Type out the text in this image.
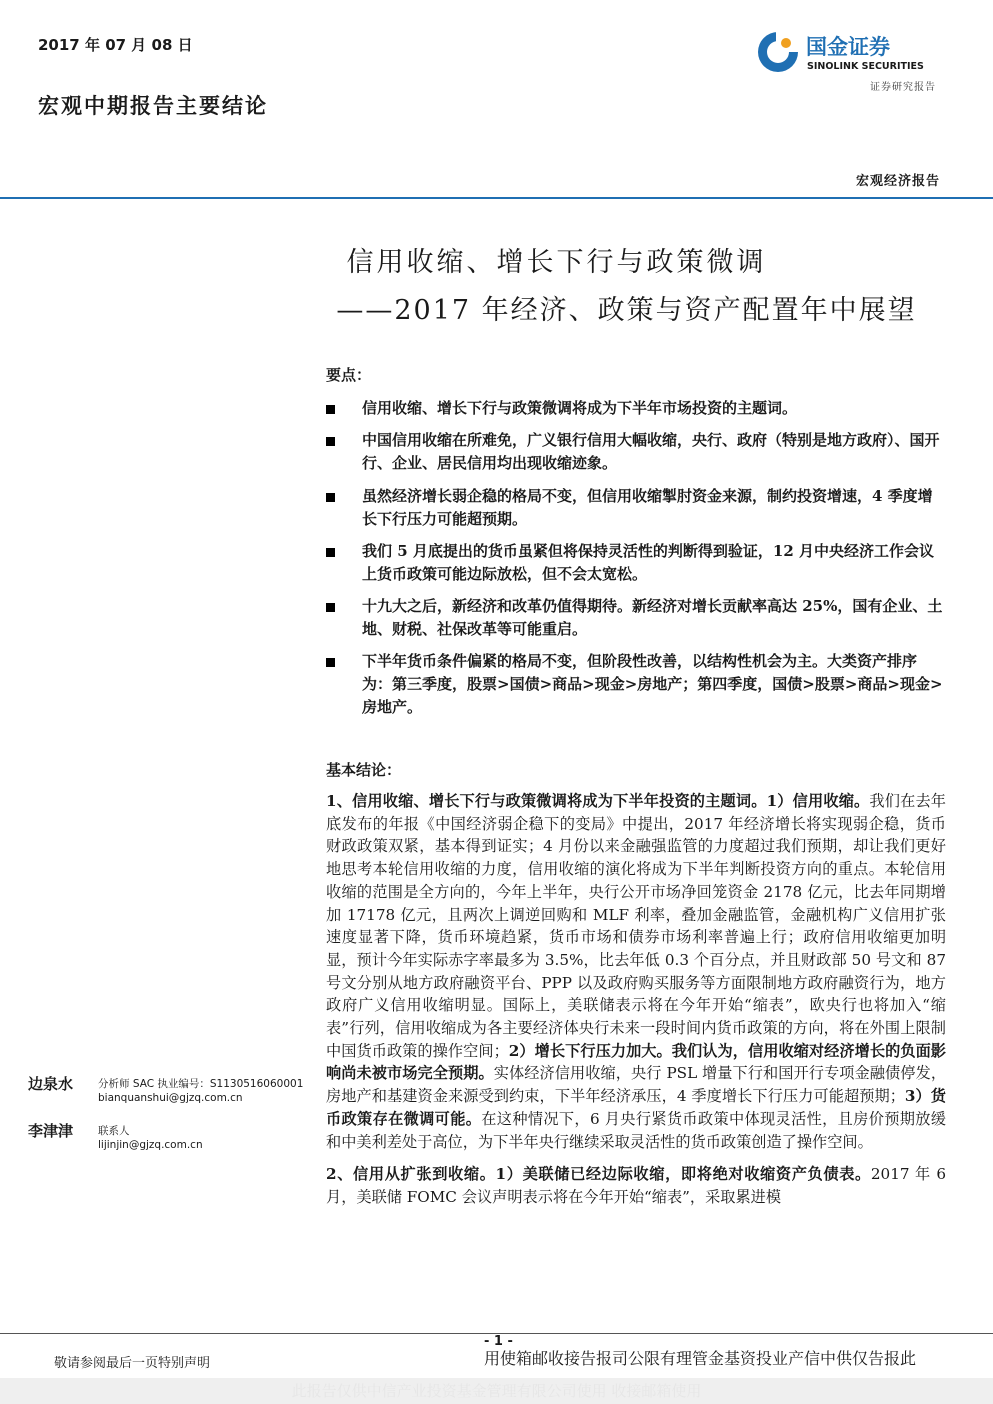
2017 年 07 月 08 日
宏观中期报告主要结论
国金证券
SINOLINK SECURITIES
证券研究报告
宏观经济报告
信用收缩、增长下行与政策微调
——2017 年经济、政策与资产配置年中展望
要点：
信用收缩、增长下行与政策微调将成为下半年市场投资的主题词。
中国信用收缩在所难免，广义银行信用大幅收缩，央行、政府（特别是地方政府）、国开行、企业、居民信用均出现收缩迹象。
虽然经济增长弱企稳的格局不变，但信用收缩掣肘资金来源，制约投资增速，4 季度增长下行压力可能超预期。
我们 5 月底提出的货币虽紧但将保持灵活性的判断得到验证，12 月中央经济工作会议上货币政策可能边际放松，但不会太宽松。
十九大之后，新经济和改革仍值得期待。新经济对增长贡献率高达 25%，国有企业、土地、财税、社保改革等可能重启。
下半年货币条件偏紧的格局不变，但阶段性改善，以结构性机会为主。大类资产排序为：第三季度，股票>国债>商品>现金>房地产；第四季度，国债>股票>商品>现金>房地产。
基本结论：

1、信用收缩、增长下行与政策微调将成为下半年投资的主题词。1）信用收缩。我们在去年底发布的年报《中国经济弱企稳下的变局》中提出，2017 年经济增长将实现弱企稳，货币财政政策双紧，基本得到证实；4 月份以来金融强监管的力度超过我们预期，却让我们更好地思考本轮信用收缩的力度，信用收缩的演化将成为下半年判断投资方向的重点。本轮信用收缩的范围是全方向的，今年上半年，央行公开市场净回笼资金 2178 亿元，比去年同期增加 17178 亿元，且两次上调逆回购和 MLF 利率，叠加金融监管，金融机构广义信用扩张速度显著下降，货币环境趋紧，货币市场和债券市场利率普遍上行；政府信用收缩更加明显，预计今年实际赤字率最多为 3.5%，比去年低 0.3 个百分点，并且财政部 50 号文和 87 号文分别从地方政府融资平台、PPP 以及政府购买服务等方面限制地方政府融资行为，地方政府广义信用收缩明显。国际上，美联储表示将在今年开始“缩表”，欧央行也将加入“缩表”行列，信用收缩成为各主要经济体央行未来一段时间内货币政策的方向，将在外围上限制中国货币政策的操作空间；2）增长下行压力加大。我们认为，信用收缩对经济增长的负面影响尚未被市场完全预期。实体经济信用收缩，央行 PSL 增量下行和国开行专项金融债停发，房地产和基建资金来源受到约束，下半年经济承压，4 季度增长下行压力可能超预期；3）货币政策存在微调可能。在这种情况下，6 月央行紧货币政策中体现灵活性，且房价预期放缓和中美利差处于高位，为下半年央行继续采取灵活性的货币政策创造了操作空间。

2、信用从扩张到收缩。1）美联储已经边际收缩，即将绝对收缩资产负债表。2017 年 6 月，美联储 FOMC 会议声明表示将在今年开始“缩表”，采取累进模

边泉水 分析师 SAC 执业编号：S1130516060001
bianquanshui@gjzq.com.cn
李津津 联系人
lijinjin@gjzq.com.cn
- 1 -
敬请参阅最后一页特别声明	用使箱邮收接告报司公限有理管金基资投业产信中供仅告报此
此报告仅供中信产业投资基金管理有限公司使用 收接邮箱使用
